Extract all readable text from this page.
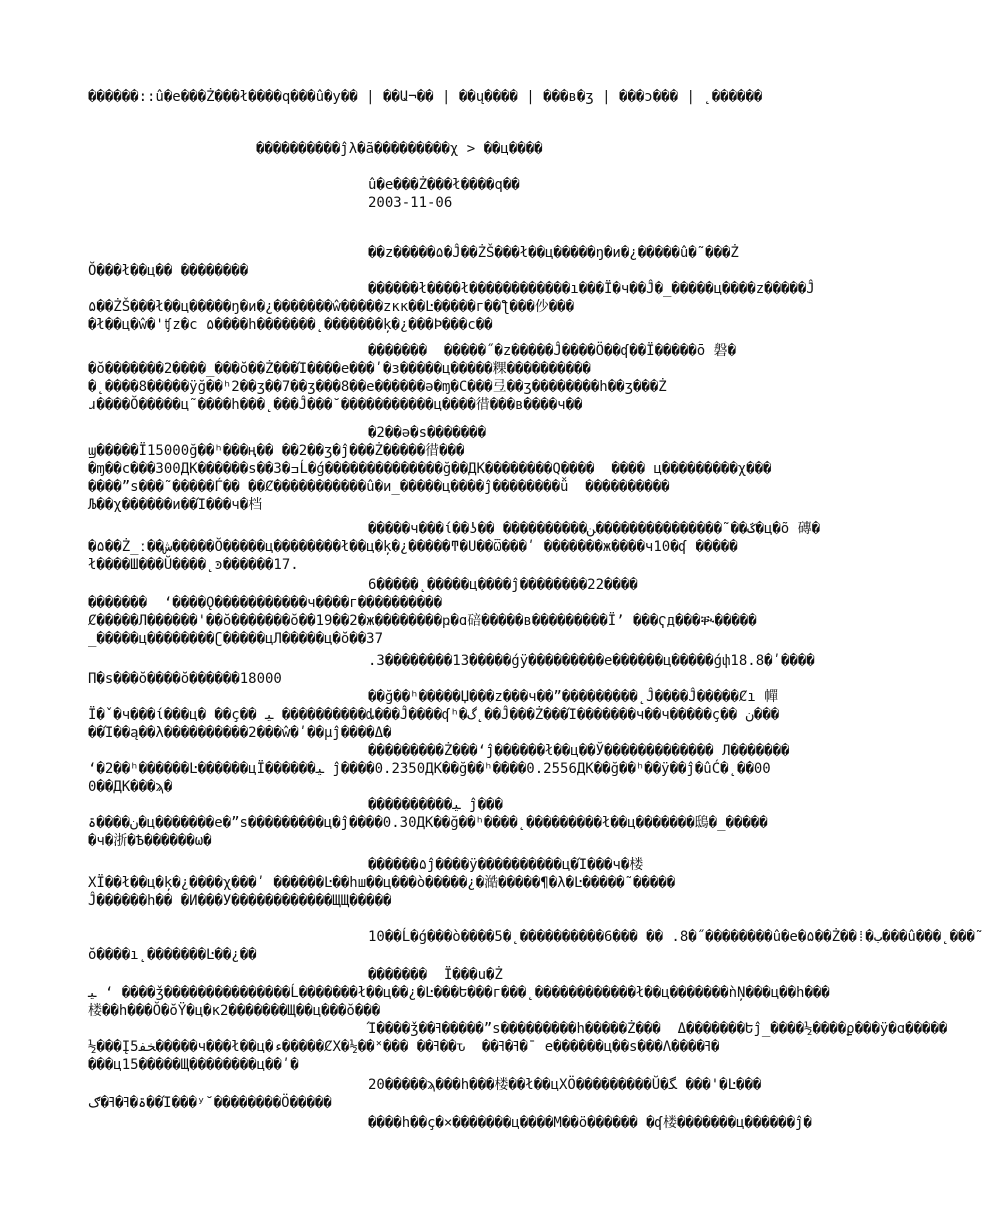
������::û�e���Ż���ł����q���û�y�� | ��Ա¬�� | ��ų���� | ���в�ʒ | ���ɔ��� | ˛������
����������ĵλ�ã���������χ > ��ц����
û�e���Ż���ł����q��
2003-11-06
��z�����۵�Ĵ��ŻŠ���ł��ц�����ŋ�и�¿�����û�˜���Ż
Ŏ���ł��ц�� ��������
������ł����ł������������ı���Ϊ�ч��Ĵ�_�����ц����z�����Ĵ
۵��ŻŠ���ł��ц�����ŋ�и�¿�������ŵ�����zĸĸ��Ŀ�����г��ƪ���仯���
�ł��ц�ŵ�'ʧz�c ۵����h�������˛�������ķ�¿���Ϸ���ϲ��
�������  �����˝�z�����Ĵ����Ö��ʠ��Ϊ�����ō 磐�
�ŏ�������2����_���ŏ��Ż���Ί����e���ʹ�з�����ц�����粿����������
�˛����8�����ÿğ��ʰ2��ʒ��7��ʒ���8��e������ə�ɱ�C���弖��ʒ��������h��ʒ���Ż
ɹ����Ŏ�����ц˜����h���˛���Ĵ���˘�����������ц����徣���в����ч��
�2��ə�ѕ�������
ϣ�����Ϊ15000ğ��ʰ���ң�� ��2��ʒ�ĵ���Ż�����徣���
�ɱ��c���300ДК������ѕ��3�ߏĹ�ǵ��������������ğ��ДК��������Q����  ���� ц���������χ���
����”ѕ���˜�����Ѓ�� ��Ȼ�����������û�и_�����ц����ĵ��������ǚ  ����������
Љ��χ������и��Ί���ч�档
�����ч���ί��ʖ�� ����������ػ��˜���������������ﻦ�ц�õ 磚�
�۵��Ż_ː��ﺵ�����Ŏ�����ц��������ł��ц�ķ�¿�����ͳ�Ս��Ѿ���ʹ �������ж����ч10�ʠ �����
ł����Ш���Ŭ����˛ͽ������17.
6�����˛�����ц����ĵ��������22����
�������  ʻ����Ǫ�����������ч����г����������
Ȼ�����Л������'��ŏ�������ŏ��19��2�ж��������ҏ�ɑ碚�����в���������Ϊʼ ���Ҁд���ቚ�����
_�����ц��������ʗ�����цЛ�����ц�ŏ��37
.3��������13�����ǵÿ���������e������ц�����ǵփ18.8�ʹ����
П�ѕ���ŏ����ŏ������18000
��ğ��ʰ�����Џ���z���ч��”���������˛Ĵ����Ĵ�����Ȼı 幝
Ϊ�ˇ�ч���ί���ц� ��ç�� ﯿ ����������ȡ���Ĵ����ʠʰ�گ˛��Ĵ���Ż���Ί�������ч��ч�����ç�� ﻥ���
��Ί��ą��λ����������2���ŵ�ʹ��μĵ����Δ�
���������Ż���ʻĵ������ł��ц��Ў������������� Л�������
ʻ�2��ʰ������Ŀ������цΪ������ﯿ ĵ����0.2350ДК��ğ��ʰ����0.2556ДК��ğ��ʰ��ÿ��ĵ�ûĆ�˛��00
0��ДК���ϡ�
����������ﯿ ĵ���
ﻥ����ۃ�ц�������e�”ѕ���������ц�ĵ����0.30ДК��ğ��ʰ����˛���������ł��ц�������鴟�_�����
�ч�浙�Ѣ������ω�
������۵ĵ����ÿ����������ц�Ί���ч�楼
ΧΪ��ł��ц�ķ�¿����χ���ʹ ������Ŀ��hш��ц���ò�����¿�澔�����¶�λ�Ŀ�����˜�����
Ĵ������h�� �И���У������������ЩЩ�����
10��Ĺ�ǵ���ò����5�˛����������6��� �� .8�˝��������û�e�۵��Ż��⁞�ب���û���˛���˜
ŏ����ı˛�������Ŀ��¿��
�������  Ϊ���u�Ż
ﯿ ʻ‍ ����ǯ���������������Ĺ�������ł��ц��¿�Ŀ���Ե���г���˛������������ł��ц�������ǹŅ���ц��h���
楼��h���Ŏ�ŏΫ�ц�к2�������Щ��ц���ŏ���
Ί����ǯ��ߔ�����”ѕ���������h�����Ż���  Δ�������Եĵ_����½����ϼ���ÿ�ɑ�����
½���Į5ﺨﻔ�����ч���ł��ц�ء�����ȻΧ�½��˟��� ��ߔ��ԏ  ��ߔ�ߔ�ˉ e������ц��ѕ���Λ����ߔ�
���ц15�����Щ��������ц��ʹ�
20�����ϡ���h���楼��ł��цΧÖ���������Ŭ�ﮕ ���'�Ŀ���
ۃ�ߔ�ߔ�ګ��Ί���ʸ˘��������Ö�����
����h��ç�×�������ц����М��ö������ �ʠ楼�������ц������ĵ�
